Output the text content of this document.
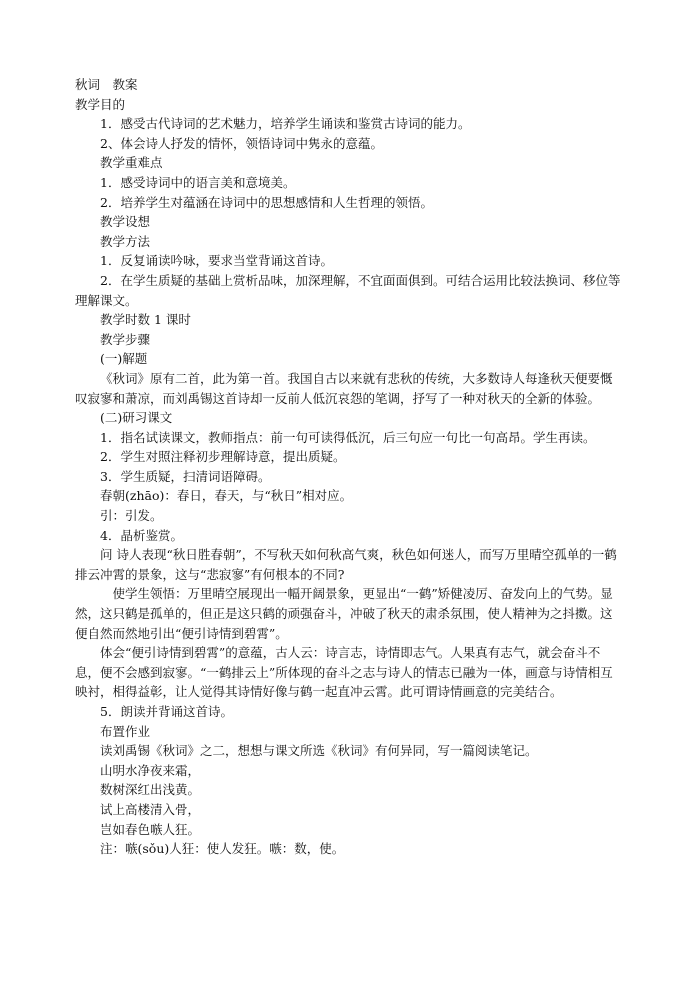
秋词　教案

教学目的

1．感受古代诗词的艺术魅力，培养学生诵读和鉴赏古诗词的能力。

2、体会诗人抒发的情怀，领悟诗词中隽永的意蕴。

教学重难点

1．感受诗词中的语言美和意境美。

2．培养学生对蕴涵在诗词中的思想感情和人生哲理的领悟。

教学设想

教学方法

1．反复诵读吟咏，要求当堂背诵这首诗。

2．在学生质疑的基础上赏析品味，加深理解，不宜面面俱到。可结合运用比较法换词、移位等理解课文。

教学时数 1 课时

教学步骤

(一)解题

《秋词》原有二首，此为第一首。我国自古以来就有悲秋的传统，大多数诗人每逢秋天便要慨叹寂寥和萧凉，而刘禹锡这首诗却一反前人低沉哀怨的笔调，抒写了一种对秋天的全新的体验。

(二)研习课文

1．指名试读课文，教师指点：前一句可读得低沉，后三句应一句比一句高昂。学生再读。

2．学生对照注释初步理解诗意，提出质疑。

3．学生质疑，扫清词语障碍。

春朝(zhāo)：春日，春天，与“秋日”相对应。

引：引发。

4．晶析鉴赏。

问 诗人表现“秋日胜春朝”，不写秋天如何秋高气爽，秋色如何迷人，而写万里晴空孤单的一鹤排云冲霄的景象，这与“悲寂寥”有何根本的不同?

　使学生领悟：万里晴空展现出一幅开阔景象，更显出“一鹤”矫健凌厉、奋发向上的气势。显然，这只鹤是孤单的，但正是这只鹤的顽强奋斗，冲破了秋天的肃杀氛围，使人精神为之抖擞。这便自然而然地引出“便引诗情到碧霄”。

体会“便引诗情到碧霄”的意蕴，古人云：诗言志，诗情即志气。人果真有志气，就会奋斗不息，便不会感到寂寥。“一鹤排云上”所体现的奋斗之志与诗人的情志已融为一体，画意与诗情相互映衬，相得益彰，让人觉得其诗情好像与鹤一起直冲云霄。此可谓诗情画意的完美结合。

5．朗读并背诵这首诗。

布置作业

读刘禹锡《秋词》之二，想想与课文所选《秋词》有何异同，写一篇阅读笔记。

山明水净夜来霜，

数树深红出浅黄。

试上高楼清入骨，

岂如春色嗾人狂。

注：嗾(sǒu)人狂：使人发狂。嗾：数，使。
